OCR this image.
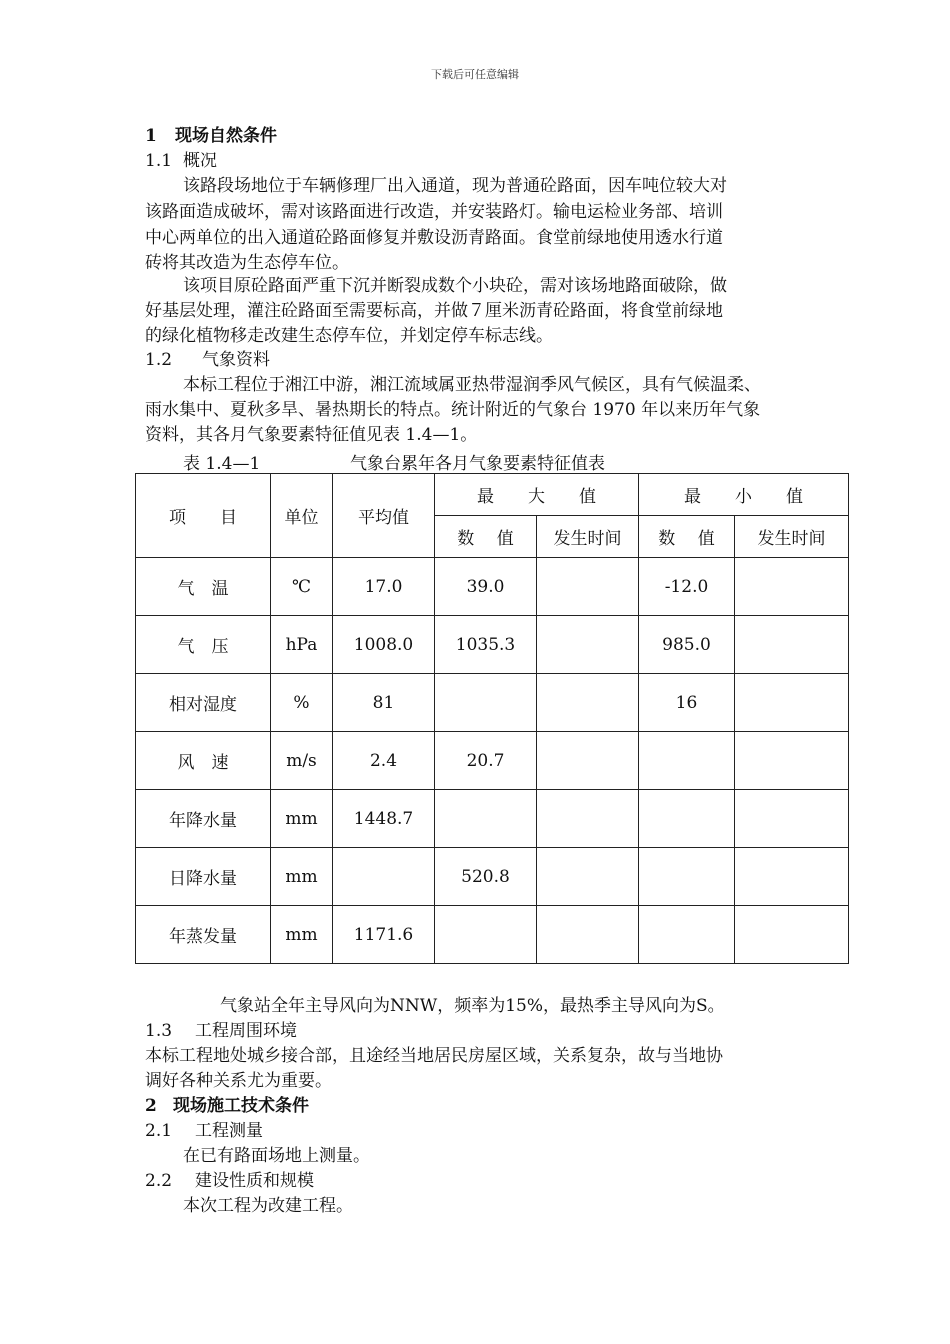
下载后可任意编辑
1 现场自然条件
1.1 概况
该路段场地位于车辆修理厂出入通道，现为普通砼路面，因车吨位较大对
该路面造成破坏，需对该路面进行改造，并安装路灯。输电运检业务部、培训
中心两单位的出入通道砼路面修复并敷设沥青路面。食堂前绿地使用透水行道
砖将其改造为生态停车位。
该项目原砼路面严重下沉并断裂成数个小块砼，需对该场地路面破除，做
好基层处理，灌注砼路面至需要标高，并做７厘米沥青砼路面，将食堂前绿地
的绿化植物移走改建生态停车位，并划定停车标志线。
1.2 气象资料
本标工程位于湘江中游，湘江流域属亚热带湿润季风气候区，具有气候温柔、
雨水集中、夏秋多旱、暑热期长的特点。统计附近的气象台 1970 年以来历年气象
资料，其各月气象要素特征值见表 1.4—1。
表 1.4—1	气象台累年各月气象要素特征值表
项　　目	单位	平均值	最　　大　　值		最　　小　　值	
			数　 值	发生时间	数　 值	发生时间
气　温	℃	17.0	39.0		-12.0	
气　压	hPa	1008.0	1035.3		985.0	
相对湿度	%	81			16	
风　速	m/s	2.4	20.7			
年降水量	mm	1448.7				
日降水量	mm		520.8			
年蒸发量	mm	1171.6				
气象站全年主导风向为NNW，频率为15%，最热季主导风向为S。
1.3 工程周围环境
本标工程地处城乡接合部，且途经当地居民房屋区域，关系复杂，故与当地协
调好各种关系尤为重要。
2 现场施工技术条件
2.1 工程测量
在已有路面场地上测量。
2.2 建设性质和规模
本次工程为改建工程。
